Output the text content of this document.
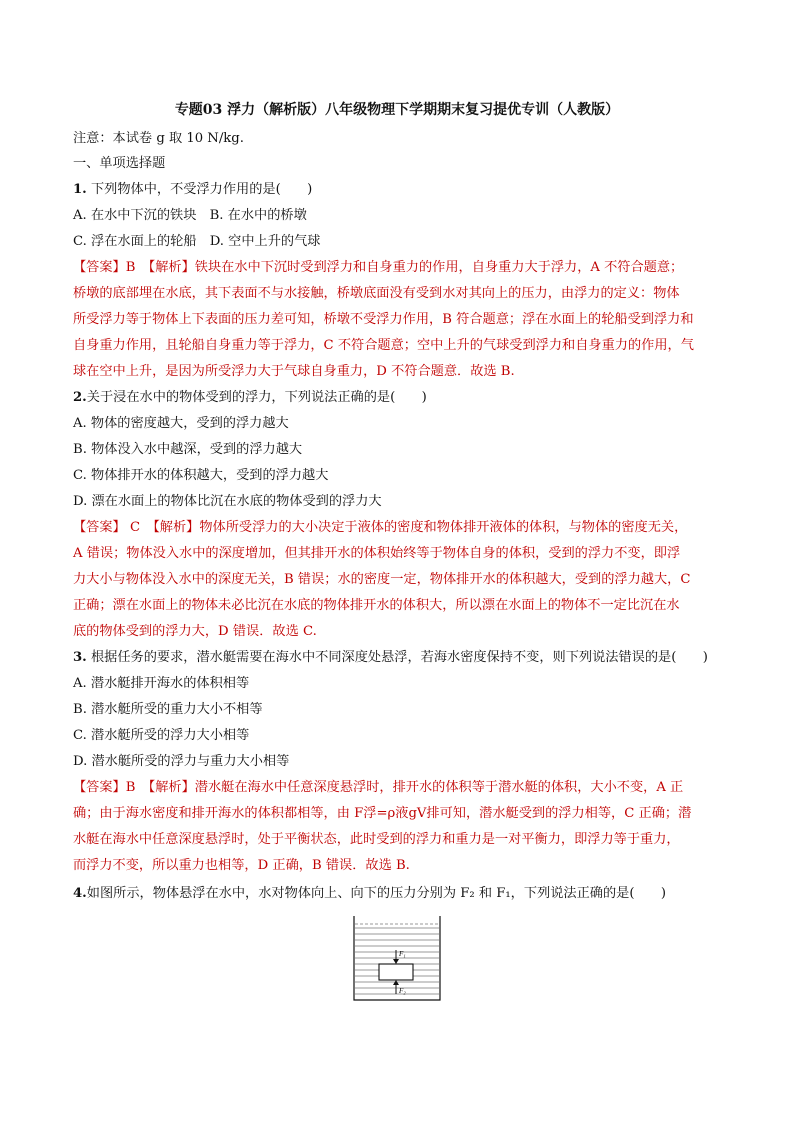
专题03 浮力（解析版）八年级物理下学期期末复习提优专训（人教版）
注意：本试卷 g 取 10 N/kg.
一、单项选择题
1. 下列物体中，不受浮力作用的是(　　)
A. 在水中下沉的铁块　B. 在水中的桥墩
C. 浮在水面上的轮船　D. 空中上升的气球
【答案】B　【解析】铁块在水中下沉时受到浮力和自身重力的作用，自身重力大于浮力，A 不符合题意；
桥墩的底部埋在水底，其下表面不与水接触，桥墩底面没有受到水对其向上的压力，由浮力的定义：物体
所受浮力等于物体上下表面的压力差可知，桥墩不受浮力作用，B 符合题意；浮在水面上的轮船受到浮力和
自身重力作用，且轮船自身重力等于浮力，C 不符合题意；空中上升的气球受到浮力和自身重力的作用，气
球在空中上升，是因为所受浮力大于气球自身重力，D 不符合题意．故选 B.
2.关于浸在水中的物体受到的浮力，下列说法正确的是(　　)
A. 物体的密度越大，受到的浮力越大
B. 物体没入水中越深，受到的浮力越大
C. 物体排开水的体积越大，受到的浮力越大
D. 漂在水面上的物体比沉在水底的物体受到的浮力大
【答案】 C　【解析】物体所受浮力的大小决定于液体的密度和物体排开液体的体积，与物体的密度无关，
A 错误；物体没入水中的深度增加，但其排开水的体积始终等于物体自身的体积，受到的浮力不变，即浮
力大小与物体没入水中的深度无关，B 错误；水的密度一定，物体排开水的体积越大，受到的浮力越大，C
正确；漂在水面上的物体未必比沉在水底的物体排开水的体积大，所以漂在水面上的物体不一定比沉在水
底的物体受到的浮力大，D 错误．故选 C.
3. 根据任务的要求，潜水艇需要在海水中不同深度处悬浮，若海水密度保持不变，则下列说法错误的是(　　)
A. 潜水艇排开海水的体积相等
B. 潜水艇所受的重力大小不相等
C. 潜水艇所受的浮力大小相等
D. 潜水艇所受的浮力与重力大小相等
【答案】B　【解析】潜水艇在海水中任意深度悬浮时，排开水的体积等于潜水艇的体积，大小不变，A 正
确；由于海水密度和排开海水的体积都相等，由 F浮=ρ液gV排可知，潜水艇受到的浮力相等，C 正确；潜
水艇在海水中任意深度悬浮时，处于平衡状态，此时受到的浮力和重力是一对平衡力，即浮力等于重力，
而浮力不变，所以重力也相等，D 正确，B 错误．故选 B.
4.如图所示，物体悬浮在水中，水对物体向上、向下的压力分别为 F₂ 和 F₁，下列说法正确的是(　　)
F₁
F₂
